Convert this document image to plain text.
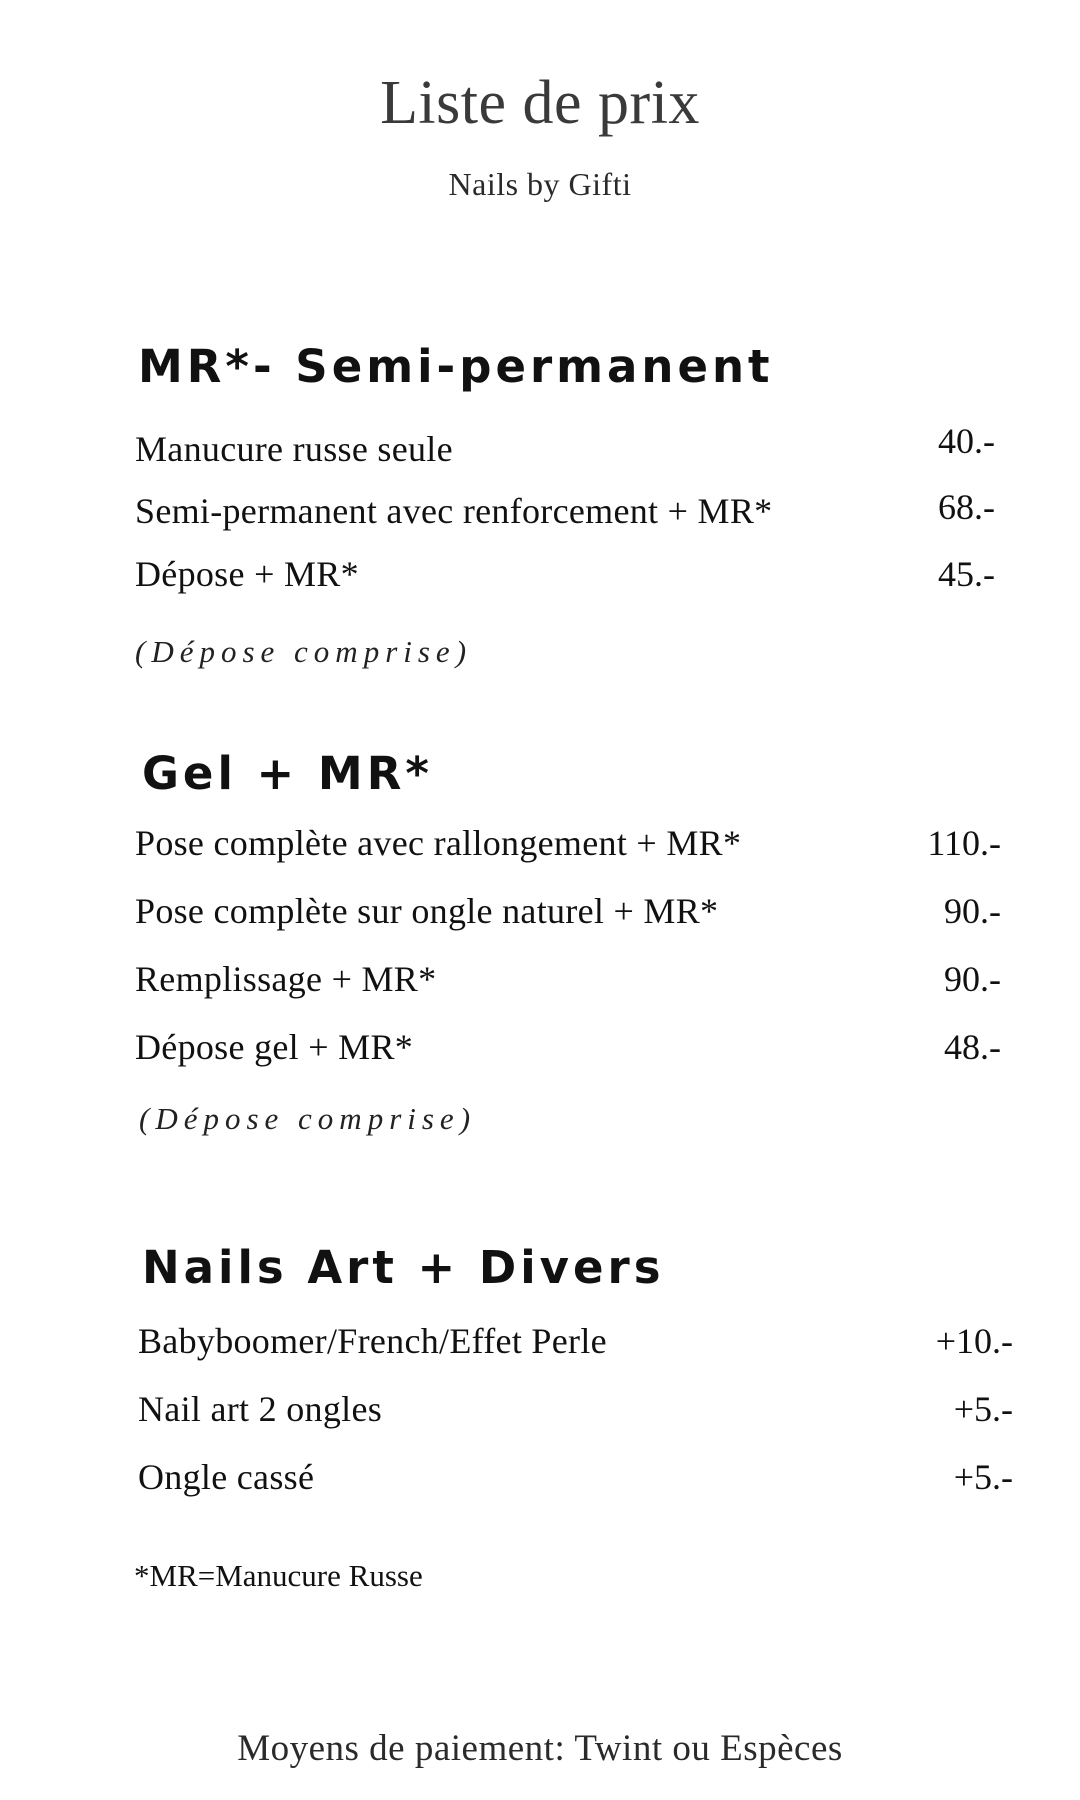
Liste de prix
Nails by Gifti
MR*- Semi-permanent
Manucure russe seule	40.-
Semi-permanent avec renforcement + MR*	68.-
Dépose + MR*	45.-
(Dépose comprise)
Gel + MR*
Pose complète avec rallongement + MR*	110.-
Pose complète sur ongle naturel + MR*	90.-
Remplissage + MR*	90.-
Dépose gel + MR*	48.-
(Dépose comprise)
Nails Art + Divers
Babyboomer/French/Effet Perle	+10.-
Nail art 2 ongles	+5.-
Ongle cassé	+5.-
*MR=Manucure Russe
Moyens de paiement: Twint ou Espèces
